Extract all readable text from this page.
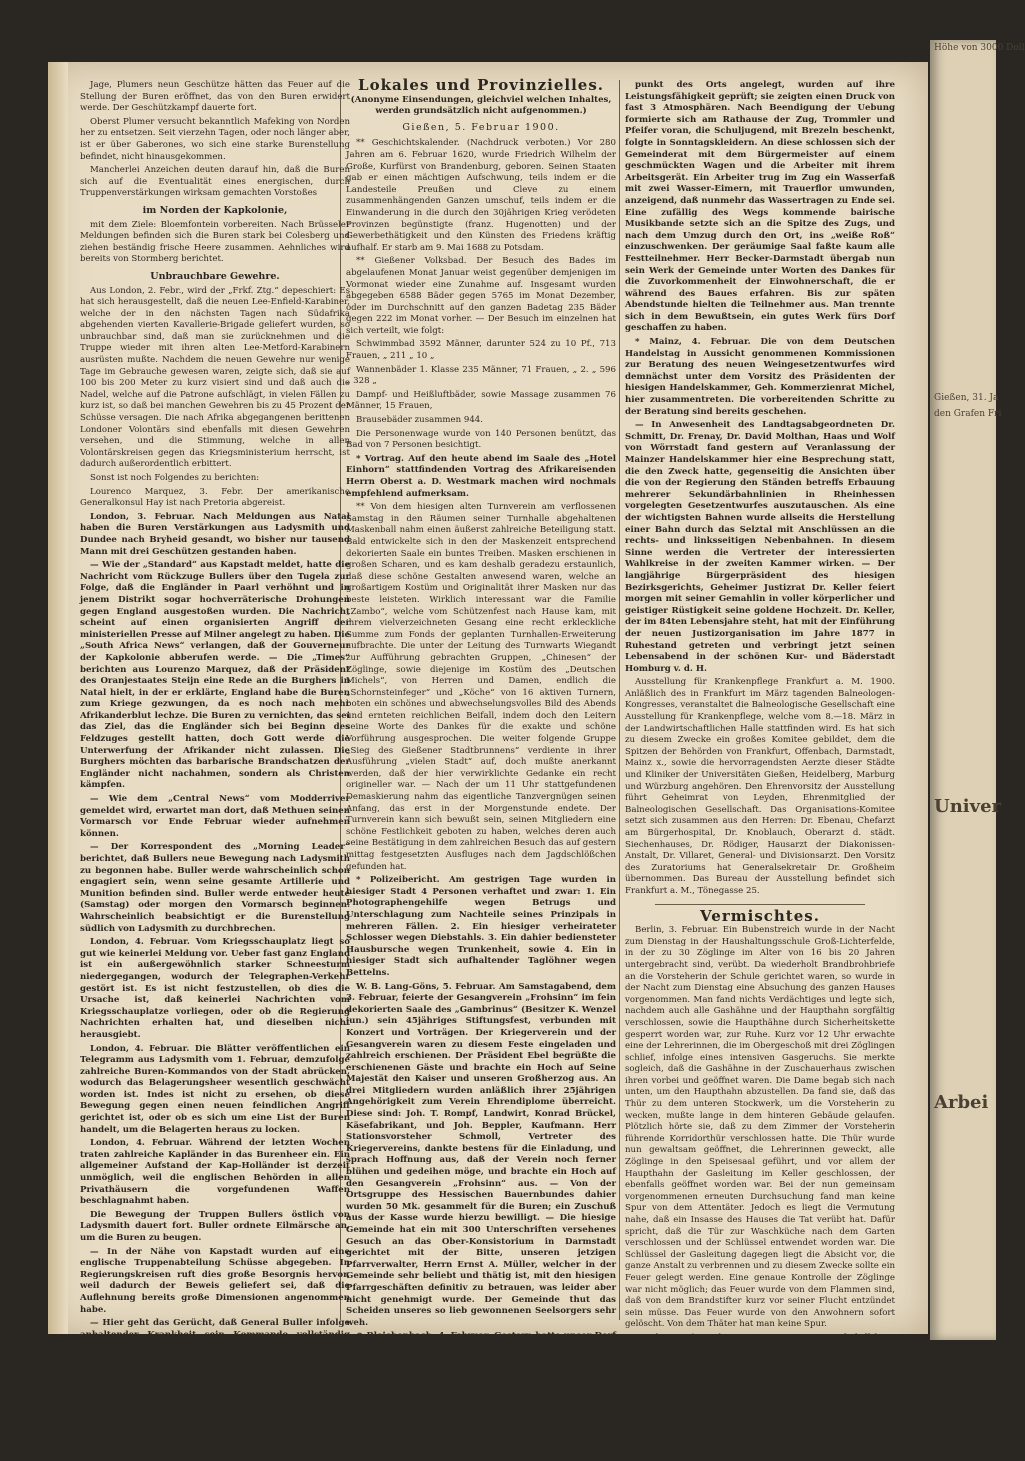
Jage, Plumers neun Geschütze hätten das Feuer auf die Stellung der Buren eröffnet, das von den Buren erwidert werde. Der Geschützkampf dauerte fort.

Oberst Plumer versucht bekanntlich Mafeking von Norden her zu entsetzen. Seit vierzehn Tagen, oder noch länger aber, ist er über Gaberones, wo sich eine starke Burenstellung befindet, nicht hinausgekommen.

Mancherlei Anzeichen deuten darauf hin, daß die Buren sich auf die Eventualität eines energischen, durch Truppenverstärkungen wirksam gemachten Vorstoßes

im Norden der Kapkolonie,

mit dem Ziele: Bloemfontein vorbereiten. Nach Brüsseler Meldungen befinden sich die Buren stark bei Colesberg und ziehen beständig frische Heere zusammen. Aehnliches wird bereits von Stormberg berichtet.

Unbrauchbare Gewehre.

Aus London, 2. Febr., wird der „Frkf. Ztg.“ depeschiert: Es hat sich herausgestellt, daß die neuen Lee-Enfield-Karabiner, welche der in den nächsten Tagen nach Südafrika abgehenden vierten Kavallerie-Brigade geliefert wurden, so unbrauchbar sind, daß man sie zurücknehmen und die Truppe wieder mit ihren alten Lee-Metford-Karabinern ausrüsten mußte. Nachdem die neuen Gewehre nur wenige Tage im Gebrauche gewesen waren, zeigte sich, daß sie auf 100 bis 200 Meter zu kurz visiert sind und daß auch die Nadel, welche auf die Patrone aufschlägt, in vielen Fällen zu kurz ist, so daß bei manchen Gewehren bis zu 45 Prozent der Schüsse versagen. Die nach Afrika abgegangenen berittenen Londoner Volontärs sind ebenfalls mit diesen Gewehren versehen, und die Stimmung, welche in allen Volontärskreisen gegen das Kriegsministerium herrscht, ist dadurch außerordentlich erbittert.

Sonst ist noch Folgendes zu berichten:

Lourenco Marquez, 3. Febr. Der amerikanische Generalkonsul Hay ist nach Pretoria abgereist.

London, 3. Februar. Nach Meldungen aus Natal haben die Buren Verstärkungen aus Ladysmith und Dundee nach Bryheid gesandt, wo bisher nur tausend Mann mit drei Geschützen gestanden haben.

— Wie der „Standard“ aus Kapstadt meldet, hatte die Nachricht vom Rückzuge Bullers über den Tugela zur Folge, daß die Engländer in Paarl verhöhnt und in jenem Distrikt sogar hochverräterische Drohungen gegen England ausgestoßen wurden. Die Nachricht scheint auf einen organisierten Angriff der ministeriellen Presse auf Milner angelegt zu haben. Die „South Africa News“ verlangen, daß der Gouverneur der Kapkolonie abberufen werde. — Die „Times“ berichten aus Lourenzo Marquez, daß der Präsident des Oranjestaates Steijn eine Rede an die Burghers in Natal hielt, in der er erklärte, England habe die Buren zum Kriege gezwungen, da es noch nach mehr Afrikanderblut lechze. Die Buren zu vernichten, das sei das Ziel, das die Engländer sich bei Beginn des Feldzuges gestellt hatten, doch Gott werde die Unterwerfung der Afrikander nicht zulassen. Die Burghers möchten das barbarische Brandschatzen der Engländer nicht nachahmen, sondern als Christen kämpfen.

— Wie dem „Central News“ vom Modderriver gemeldet wird, erwartet man dort, daß Methuen seinen Vormarsch vor Ende Februar wieder aufnehmen können.

— Der Korrespondent des „Morning Leader“ berichtet, daß Bullers neue Bewegung nach Ladysmith zu begonnen habe. Buller werde wahrscheinlich schon engagiert sein, wenn seine gesamte Artillerie und Munition befinden sind. Buller werde entweder heute (Samstag) oder morgen den Vormarsch beginnen. Wahrscheinlich beabsichtigt er die Burenstellung südlich von Ladysmith zu durchbrechen.

London, 4. Februar. Vom Kriegsschauplatz liegt so gut wie keinerlei Meldung vor. Ueber fast ganz England ist ein außergewöhnlich starker Schneesturm niedergegangen, wodurch der Telegraphen-Verkehr gestört ist. Es ist nicht festzustellen, ob dies die Ursache ist, daß keinerlei Nachrichten vom Kriegsschauplatze vorliegen, oder ob die Regierung Nachrichten erhalten hat, und dieselben nicht herausgiebt.

London, 4. Februar. Die Blätter veröffentlichen ein Telegramm aus Ladysmith vom 1. Februar, demzufolge zahlreiche Buren-Kommandos von der Stadt abrücken, wodurch das Belagerungsheer wesentlich geschwächt worden ist. Indes ist nicht zu ersehen, ob diese Bewegung gegen einen neuen feindlichen Angriff gerichtet ist, oder ob es sich um eine List der Buren handelt, um die Belagerten heraus zu locken.

London, 4. Februar. Während der letzten Wochen traten zahlreiche Kapländer in das Burenheer ein. Ein allgemeiner Aufstand der Kap-Holländer ist derzeit unmöglich, weil die englischen Behörden in allen Privathäusern die vorgefundenen Waffen beschlagnahmt haben.

Die Bewegung der Truppen Bullers östlich von Ladysmith dauert fort. Buller ordnete Eilmärsche an, um die Buren zu beugen.

— In der Nähe von Kapstadt wurden auf eine englische Truppenabteilung Schüsse abgegeben. In Regierungskreisen ruft dies große Besorgnis hervor, weil dadurch der Beweis geliefert sei, daß die Auflehnung bereits große Dimensionen angenommen habe.

— Hier geht das Gerücht, daß General Buller infolge anhaltender Krankheit sein Kommando vollständig niederlegen und nach England zurückkehren werde.

London, 3. Februar. Ein Telegramm der „Central-News“ vom Modderriver vom 30. Januar besagt, es wird hier nicht erwartet, daß Lord Methuen im Stande sein werde, seinen Vormarsch gegen Ende April wieder aufzunehmen.

Lokales und Provinzielles.
(Anonyme Einsendungen, gleichviel welchen Inhaltes, werden grundsätzlich nicht aufgenommen.)
Gießen, 5. Februar 1900.

** Geschichtskalender. (Nachdruck verboten.) Vor 280 Jahren am 6. Februar 1620, wurde Friedrich Wilhelm der Große, Kurfürst von Brandenburg, geboren. Seinen Staaten gab er einen mächtigen Aufschwung, teils indem er die Landesteile Preußen und Cleve zu einem zusammenhängenden Ganzen umschuf, teils indem er die Einwanderung in die durch den 30jährigen Krieg verödeten Provinzen begünstigte (franz. Hugenotten) und der Gewerbethätigkeit und den Künsten des Friedens kräftig aufhalf. Er starb am 9. Mai 1688 zu Potsdam.

** Gießener Volksbad. Der Besuch des Bades im abgelaufenen Monat Januar weist gegenüber demjenigen im Vormonat wieder eine Zunahme auf. Insgesamt wurden abgegeben 6588 Bäder gegen 5765 im Monat Dezember, oder im Durchschnitt auf den ganzen Badetag 235 Bäder gegen 222 im Monat vorher. — Der Besuch im einzelnen hat sich verteilt, wie folgt:

Schwimmbad 3592 Männer, darunter 524 zu 10 Pf., 713 Frauen, „ 211 „ 10 „

Wannenbäder 1. Klasse 235 Männer, 71 Frauen, „ 2. „ 596 „ 328 „

Dampf- und Heißluftbäder, sowie Massage zusammen 76 Männer, 15 Frauen,

Brausebäder zusammen 944.

Die Personenwage wurde von 140 Personen benützt, das Bad von 7 Personen besichtigt.

* Vortrag. Auf den heute abend im Saale des „Hotel Einhorn“ stattfindenden Vortrag des Afrikareisenden Herrn Oberst a. D. Westmark machen wird nochmals empfehlend aufmerksam.

** Von dem hiesigen alten Turnverein am verflossenen Samstag in den Räumen seiner Turnhalle abgehaltenen Maskenball nahm einen äußerst zahlreiche Beteiligung statt. Bald entwickelte sich in den der Maskenzeit entsprechend dekorierten Saale ein buntes Treiben. Masken erschienen in großen Scharen, und es kam deshalb geradezu erstaunlich, daß diese schöne Gestalten anwesend waren, welche an großartigem Kostüm und Originalität ihrer Masken nur das beste leisteten. Wirklich interessant war die Familie „Zambo“, welche vom Schützenfest nach Hause kam, mit ihrem vielverzeichneten Gesang eine recht erkleckliche Summe zum Fonds der geplanten Turnhallen-Erweiterung aufbrachte. Die unter der Leitung des Turnwarts Wiegandt zur Aufführung gebrachten Gruppen, „Chinesen“ der Zöglinge, sowie diejenige im Kostüm des „Deutschen Michels“, von Herren und Damen, endlich die „Schornsteinfeger“ und „Köche“ von 16 aktiven Turnern, boten ein schönes und abwechselungsvolles Bild des Abends und ernteten reichlichen Beifall, indem doch den Leitern seine Worte des Dankes für die exakte und schöne Vorführung ausgesprochen. Die weiter folgende Gruppe „Sieg des Gießener Stadtbrunnens“ verdiente in ihrer Ausführung „vielen Stadt“ auf, doch mußte anerkannt werden, daß der hier verwirklichte Gedanke ein recht origineller war. — Nach der um 11 Uhr stattgefundenen Demaskierung nahm das eigentliche Tanzvergnügen seinen Anfang, das erst in der Morgenstunde endete. Der Turnverein kann sich bewußt sein, seinen Mitgliedern eine schöne Festlichkeit geboten zu haben, welches deren auch seine Bestätigung in dem zahlreichen Besuch das auf gestern mittag festgesetzten Ausfluges nach dem Jagdschlößchen gefunden hat.

* Polizeibericht. Am gestrigen Tage wurden in hiesiger Stadt 4 Personen verhaftet und zwar: 1. Ein Photographengehilfe wegen Betrugs und Unterschlagung zum Nachteile seines Prinzipals in mehreren Fällen. 2. Ein hiesiger verheirateter Schlosser wegen Diebstahls. 3. Ein dahier bediensteter Hausbursche wegen Trunkenheit, sowie 4. Ein in hiesiger Stadt sich aufhaltender Taglöhner wegen Bettelns.

W. B. Lang-Göns, 5. Februar. Am Samstagabend, dem 3. Februar, feierte der Gesangverein „Frohsinn“ im fein dekorierten Saale des „Gambrinus“ (Besitzer K. Wenzel jun.) sein 45jähriges Stiftungsfest, verbunden mit Konzert und Vorträgen. Der Kriegerverein und der Gesangverein waren zu diesem Feste eingeladen und zahlreich erschienen. Der Präsident Ebel begrüßte die erschienenen Gäste und brachte ein Hoch auf Seine Majestät den Kaiser und unseren Großherzog aus. An drei Mitgliedern wurden anläßlich ihrer 25jährigen Angehörigkeit zum Verein Ehrendiplome überreicht. Diese sind: Joh. T. Rompf, Landwirt, Konrad Brückel, Käsefabrikant, und Joh. Beppler, Kaufmann. Herr Stationsvorsteher Schmoll, Vertreter des Kriegervereins, dankte bestens für die Einladung, und sprach Hoffnung aus, daß der Verein noch ferner blühen und gedeihen möge, und brachte ein Hoch auf den Gesangverein „Frohsinn“ aus. — Von der Ortsgruppe des Hessischen Bauernbundes dahier wurden 50 Mk. gesammelt für die Buren; ein Zuschuß aus der Kasse wurde hierzu bewilligt. — Die hiesige Gemeinde hat ein mit 300 Unterschriften versehenes Gesuch an das Ober-Konsistorium in Darmstadt gerichtet mit der Bitte, unseren jetzigen Pfarrverwalter, Herrn Ernst A. Müller, welcher in der Gemeinde sehr beliebt und thätig ist, mit den hiesigen Pfarrgeschäften definitiv zu betrauen, was leider aber nicht genehmigt wurde. Der Gemeinde thut das Scheiden unseres so lieb gewonnenen Seelsorgers sehr weh.

⊙ Bleichenbach, 4. Februar. Gestern hatte unser Dorf ein festliches Gewand angelegt. Man feierte das Ende der Wasserleitungsarbeiten. Nachdem die Firma Gebr. Becker-Darmstadt Anfang November v. J. die Fassung der Quelle, Erbauung des Reservoirs begonnen, wurde bis Hausleitungen dieser Tage zu Ende. Gleichzeitig mit der Uebergabe der Leitung seitens des Unternehmers an die Gemeinde fand unter Leitung des Kreisfeuerwehr-Inspektors Fendt-Büdingen eine Uebung der Feuerwehr statt. Die angebrachten Hydranten, an den verschiedenen Knoten-

punkt des Orts angelegt, wurden auf ihre Leistungsfähigkeit geprüft; sie zeigten einen Druck von fast 3 Atmosphären. Nach Beendigung der Uebung formierte sich am Rathause der Zug, Trommler und Pfeifer voran, die Schuljugend, mit Brezeln beschenkt, folgte in Sonntagskleidern. An diese schlossen sich der Gemeinderat mit dem Bürgermeister auf einem geschmückten Wagen und die Arbeiter mit ihrem Arbeitsgerät. Ein Arbeiter trug im Zug ein Wasserfaß mit zwei Wasser-Eimern, mit Trauerflor umwunden, anzeigend, daß nunmehr das Wassertragen zu Ende sei. Eine zufällig des Wegs kommende bairische Musikbande setzte sich an die Spitze des Zugs, und nach dem Umzug durch den Ort, ins „weiße Roß“ einzuschwenken. Der geräumige Saal faßte kaum alle Festteilnehmer. Herr Becker-Darmstadt übergab nun sein Werk der Gemeinde unter Worten des Dankes für die Zuvorkommenheit der Einwohnerschaft, die er während des Baues erfahren. Bis zur späten Abendstunde hielten die Teilnehmer aus. Man trennte sich in dem Bewußtsein, ein gutes Werk fürs Dorf geschaffen zu haben.

* Mainz, 4. Februar. Die von dem Deutschen Handelstag in Aussicht genommenen Kommissionen zur Beratung des neuen Weingesetzentwurfes wird demnächst unter dem Vorsitz des Präsidenten der hiesigen Handelskammer, Geh. Kommerzienrat Michel, hier zusammentreten. Die vorbereitenden Schritte zu der Beratung sind bereits geschehen.

— In Anwesenheit des Landtagsabgeordneten Dr. Schmitt, Dr. Frenay, Dr. David Molthan, Haas und Wolf von Wörrstadt fand gestern auf Veranlassung der Mainzer Handelskammer hier eine Besprechung statt, die den Zweck hatte, gegenseitig die Ansichten über die von der Regierung den Ständen betreffs Erbauung mehrerer Sekundärbahnlinien in Rheinhessen vorgelegten Gesetzentwurfes auszutauschen. Als eine der wichtigsten Bahnen wurde allseits die Herstellung einer Bahn durch das Selztal mit Anschlüssen an die rechts- und linksseitigen Nebenbahnen. In diesem Sinne werden die Vertreter der interessierten Wahlkreise in der zweiten Kammer wirken. — Der langjährige Bürgerpräsident des hiesigen Bezirksgerichts, Geheimer Justizrat Dr. Keller feiert morgen mit seiner Gemahlin in voller körperlicher und geistiger Rüstigkeit seine goldene Hochzeit. Dr. Keller, der im 84ten Lebensjahre steht, hat mit der Einführung der neuen Justizorganisation im Jahre 1877 in Ruhestand getreten und verbringt jetzt seinen Lebensabend in der schönen Kur- und Bäderstadt Homburg v. d. H.

Ausstellung für Krankenpflege Frankfurt a. M. 1900. Anläßlich des in Frankfurt im März tagenden Balneologen-Kongresses, veranstaltet die Balneologische Gesellschaft eine Ausstellung für Krankenpflege, welche vom 8.—18. März in der Landwirtschaftlichen Halle stattfinden wird. Es hat sich zu diesem Zwecke ein großes Komitee gebildet, dem die Spitzen der Behörden von Frankfurt, Offenbach, Darmstadt, Mainz x., sowie die hervorragendsten Aerzte dieser Städte und Kliniker der Universitäten Gießen, Heidelberg, Marburg und Würzburg angehören. Den Ehrenvorsitz der Ausstellung führt Geheimrat von Leyden, Ehrenmitglied der Balneologischen Gesellschaft. Das Organisations-Komitee setzt sich zusammen aus den Herren: Dr. Ebenau, Chefarzt am Bürgerhospital, Dr. Knoblauch, Oberarzt d. städt. Siechenhauses, Dr. Rödiger, Hausarzt der Diakonissen-Anstalt, Dr. Villaret, General- und Divisionsarzt. Den Vorsitz des Zuratoriums hat Generalsekretair Dr. Großheim übernommen. Das Bureau der Ausstellung befindet sich Frankfurt a. M., Tönegasse 25.

Vermischtes.

Berlin, 3. Februar. Ein Bubenstreich wurde in der Nacht zum Dienstag in der Haushaltungsschule Groß-Lichterfelde, in der zu 30 Zöglinge im Alter von 16 bis 20 Jahren untergebracht sind, verübt. Da wiederholt Brandbrohbriefe an die Vorsteherin der Schule gerichtet waren, so wurde in der Nacht zum Dienstag eine Absuchung des ganzen Hauses vorgenommen. Man fand nichts Verdächtiges und legte sich, nachdem auch alle Gashähne und der Haupthahn sorgfältig verschlossen, sowie die Haupthähne durch Sicherheitskette gesperrt worden war, zur Ruhe. Kurz vor 12 Uhr erwachte eine der Lehrerinnen, die im Obergeschoß mit drei Zöglingen schlief, infolge eines intensiven Gasgeruchs. Sie merkte sogleich, daß die Gashähne in der Zuschauerhaus zwischen ihren vorbei und geöffnet waren. Die Dame begab sich nach unten, um den Haupthahn abzustellen. Da fand sie, daß das Thür zu dem unteren Stockwerk, um die Vorsteherin zu wecken, mußte lange in dem hinteren Gebäude gelaufen. Plötzlich hörte sie, daß zu dem Zimmer der Vorsteherin führende Korridorthür verschlossen hatte. Die Thür wurde nun gewaltsam geöffnet, die Lehrerinnen geweckt, alle Zöglinge in den Speisesaal geführt, und vor allem der Haupthahn der Gasleitung im Keller geschlossen, der ebenfalls geöffnet worden war. Bei der nun gemeinsam vorgenommenen erneuten Durchsuchung fand man keine Spur von dem Attentäter. Jedoch es liegt die Vermutung nahe, daß ein Insasse des Hauses die Tat verübt hat. Dafür spricht, daß die Tür zur Waschküche nach dem Garten verschlossen und der Schlüssel entwendet worden war. Die Schlüssel der Gasleitung dagegen liegt die Absicht vor, die ganze Anstalt zu verbrennen und zu diesem Zwecke sollte ein Feuer gelegt werden. Eine genaue Kontrolle der Zöglinge war nicht möglich; das Feuer wurde von dem Flammen sind, daß von dem Brandstifter kurz vor seiner Flucht entzündet sein müsse. Das Feuer wurde von den Anwohnern sofort gelöscht. Von dem Thäter hat man keine Spur.

Hamburg, 4. Februar. Kann eine Dampfschiffahrts-Gesellschaft für die Folgen der Seekrankheit haftbar gemacht werden? Die Amerikanerin Sarah Ungermann aus Missouri, ärgerlich darüber, daß sie während der Ueberfahrt von den Schiffsärzten wie eine Kranke behandelt wurde, verklagte die Hamburg-Amerika-Linie auf Schadenersatz. Sie ist der Meinung, daß die Seekrankheit auf einem seit Jahrhunderten bekannten Uebel beruht, und deshalb nicht länger zu dulden sei. Die Klage der Amerikanerin wurde jedoch abgewiesen und die Gesellschaft freigesprochen.

Höhe von 3000 Doll
Gießen, 31. Ja
den Grafen Fri
Univer
Arbei
